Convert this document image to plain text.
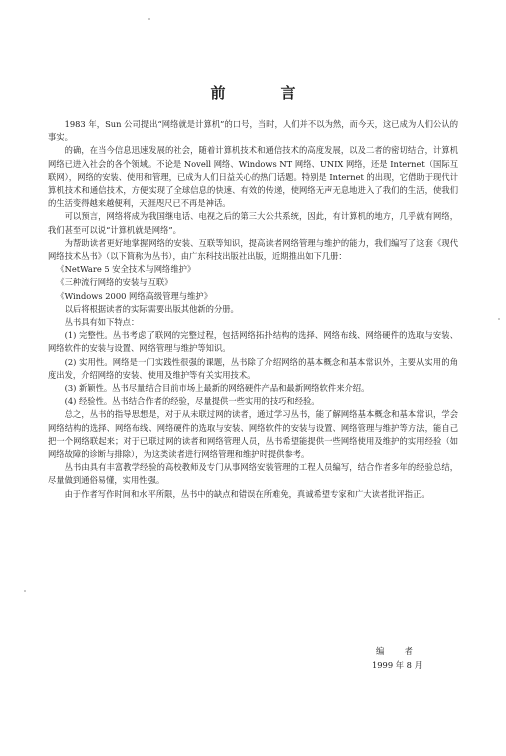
前　言

1983 年，Sun 公司提出“网络就是计算机”的口号，当时，人们并不以为然，而今天，这已成为人们公认的事实。

的确，在当今信息迅速发展的社会，随着计算机技术和通信技术的高度发展，以及二者的密切结合，计算机网络已进入社会的各个领域。不论是 Novell 网络、Windows NT 网络、UNIX 网络，还是 Internet（国际互联网），网络的安装、使用和管理，已成为人们日益关心的热门话题。特别是 Internet 的出现，它借助于现代计算机技术和通信技术，方便实现了全球信息的快速、有效的传递，使网络无声无息地进入了我们的生活，使我们的生活变得越来越便利，天涯咫尺已不再是神话。

可以预言，网络将成为我国继电话、电视之后的第三大公共系统，因此，有计算机的地方，几乎就有网络，我们甚至可以说“计算机就是网络”。

为帮助读者更好地掌握网络的安装、互联等知识，提高读者网络管理与维护的能力，我们编写了这套《现代网络技术丛书》（以下简称为丛书），由广东科技出版社出版，近期推出如下几册：

《NetWare 5 安全技术与网络维护》

《三种流行网络的安装与互联》

《Windows 2000 网络高级管理与维护》

以后将根据读者的实际需要出版其他新的分册。

丛书具有如下特点：

(1) 完整性。丛书考虑了联网的完整过程，包括网络拓扑结构的选择、网络布线、网络硬件的选取与安装、网络软件的安装与设置、网络管理与维护等知识。

(2) 实用性。网络是一门实践性很强的课题，丛书除了介绍网络的基本概念和基本常识外，主要从实用的角度出发，介绍网络的安装、使用及维护等有关实用技术。

(3) 新颖性。丛书尽量结合目前市场上最新的网络硬件产品和最新网络软件来介绍。

(4) 经验性。丛书结合作者的经验，尽量提供一些实用的技巧和经验。

总之，丛书的指导思想是，对于从未联过网的读者，通过学习丛书，能了解网络基本概念和基本常识，学会网络结构的选择、网络布线、网络硬件的选取与安装、网络软件的安装与设置、网络管理与维护等方法，能自己把一个网络联起来；对于已联过网的读者和网络管理人员，丛书希望能提供一些网络使用及维护的实用经验（如网络故障的诊断与排除），为这类读者进行网络管理和维护时提供参考。

丛书由具有丰富教学经验的高校教师及专门从事网络安装管理的工程人员编写，结合作者多年的经验总结，尽量做到通俗易懂，实用性强。

由于作者写作时间和水平所限，丛书中的缺点和错误在所难免，真诚希望专家和广大读者批评指正。

编　者
1999 年 8 月
